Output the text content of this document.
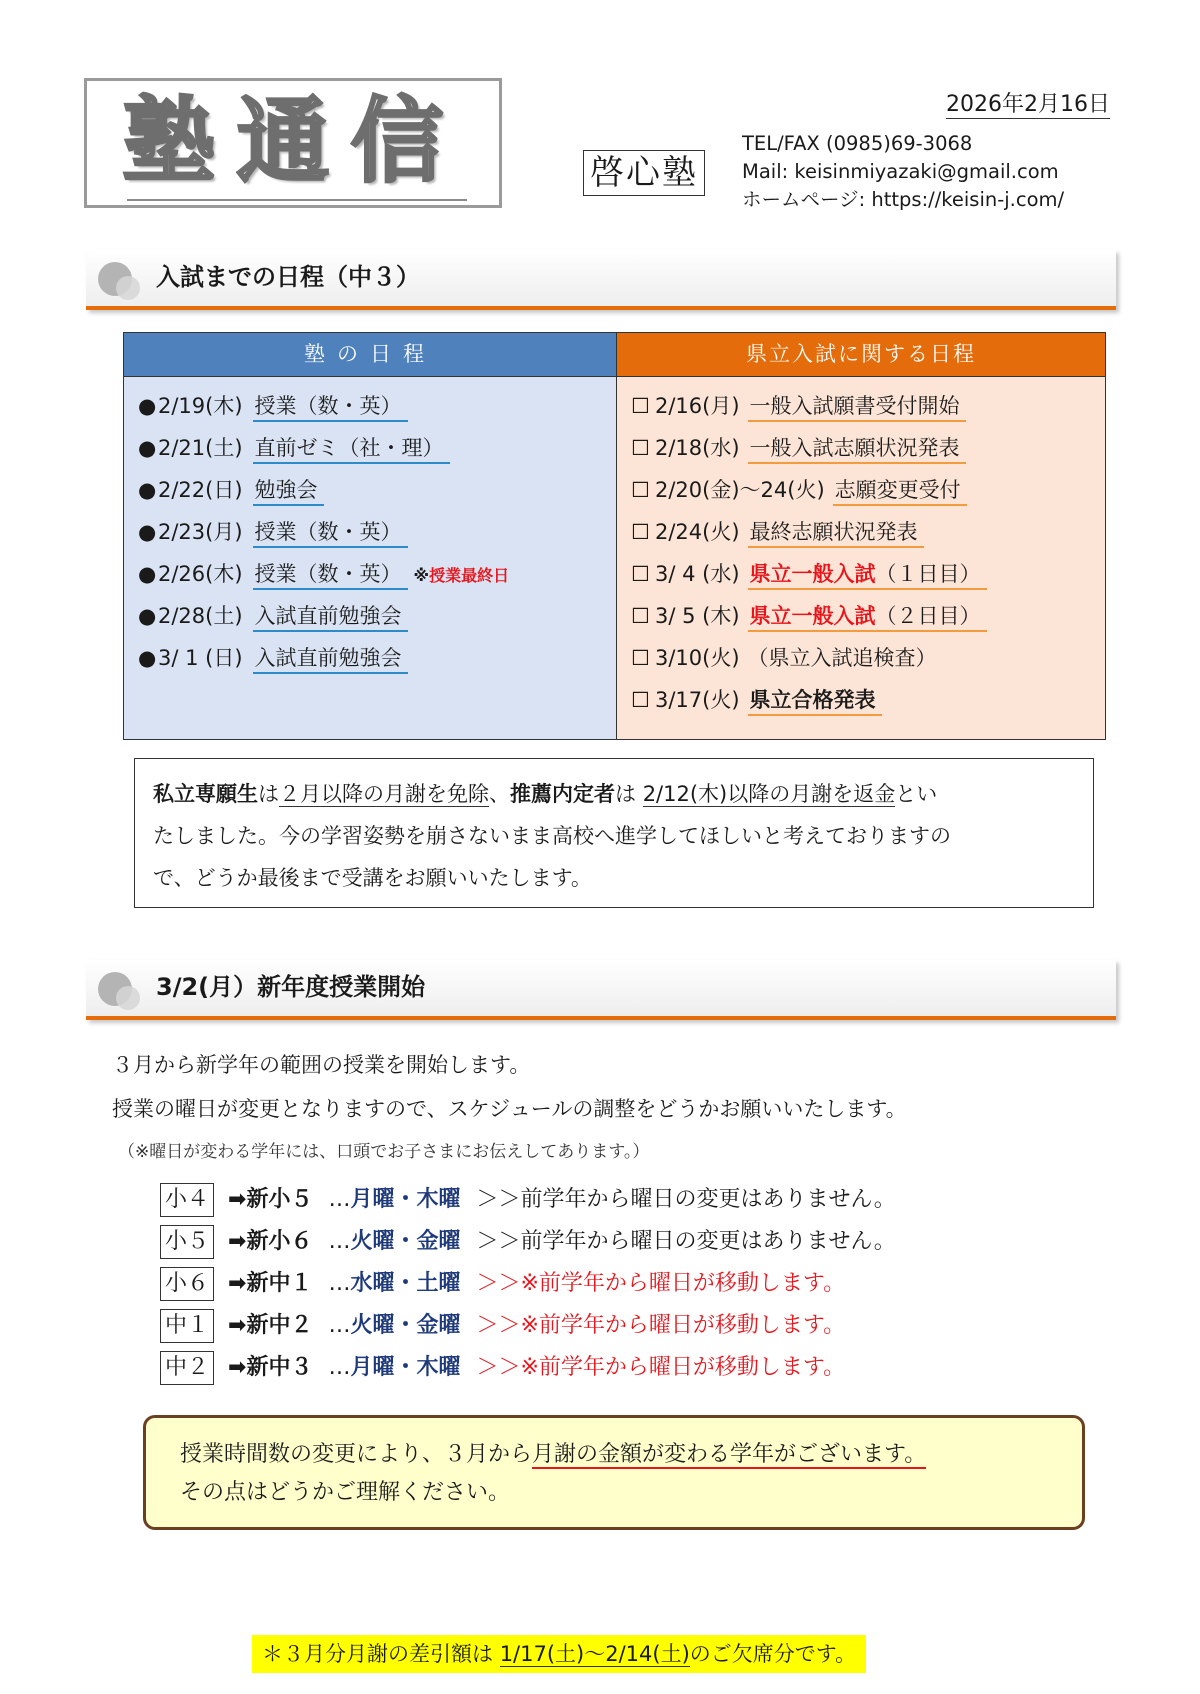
塾通信	啓心塾
2026年2月16日
TEL/FAX (0985)69-3068
Mail: keisinmiyazaki@gmail.com
ホームページ: https://keisin-j.com/
入試までの日程（中３）
塾の日程
●2/19(木) 授業（数・英）
●2/21(土) 直前ゼミ（社・理）
●2/22(日) 勉強会
●2/23(月) 授業（数・英）
●2/26(木) 授業（数・英） ※授業最終日
●2/28(土) 入試直前勉強会
●3/ 1 (日) 入試直前勉強会
県立入試に関する日程
☐ 2/16(月) 一般入試願書受付開始
☐ 2/18(水) 一般入試志願状況発表
☐ 2/20(金)～24(火) 志願変更受付
☐ 2/24(火) 最終志願状況発表
☐ 3/ 4 (水) 県立一般入試（１日目）
☐ 3/ 5 (木) 県立一般入試（２日目）
☐ 3/10(火) （県立入試追検査）
☐ 3/17(火) 県立合格発表
私立専願生は２月以降の月謝を免除、推薦内定者は 2/12(木)以降の月謝を返金とい
たしました。今の学習姿勢を崩さないまま高校へ進学してほしいと考えておりますの
で、どうか最後まで受講をお願いいたします。
3/2(月）新年度授業開始
３月から新学年の範囲の授業を開始します。
授業の曜日が変更となりますので、スケジュールの調整をどうかお願いいたします。
（※曜日が変わる学年には、口頭でお子さまにお伝えしてあります。）
小４ ➡新小５ …月曜・木曜 ＞＞前学年から曜日の変更はありません。
小５ ➡新小６ …火曜・金曜 ＞＞前学年から曜日の変更はありません。
小６ ➡新中１ …水曜・土曜 ＞＞※前学年から曜日が移動します。
中１ ➡新中２ …火曜・金曜 ＞＞※前学年から曜日が移動します。
中２ ➡新中３ …月曜・木曜 ＞＞※前学年から曜日が移動します。
授業時間数の変更により、３月から月謝の金額が変わる学年がございます。
その点はどうかご理解ください。
＊３月分月謝の差引額は 1/17(土)～2/14(土)のご欠席分です。
